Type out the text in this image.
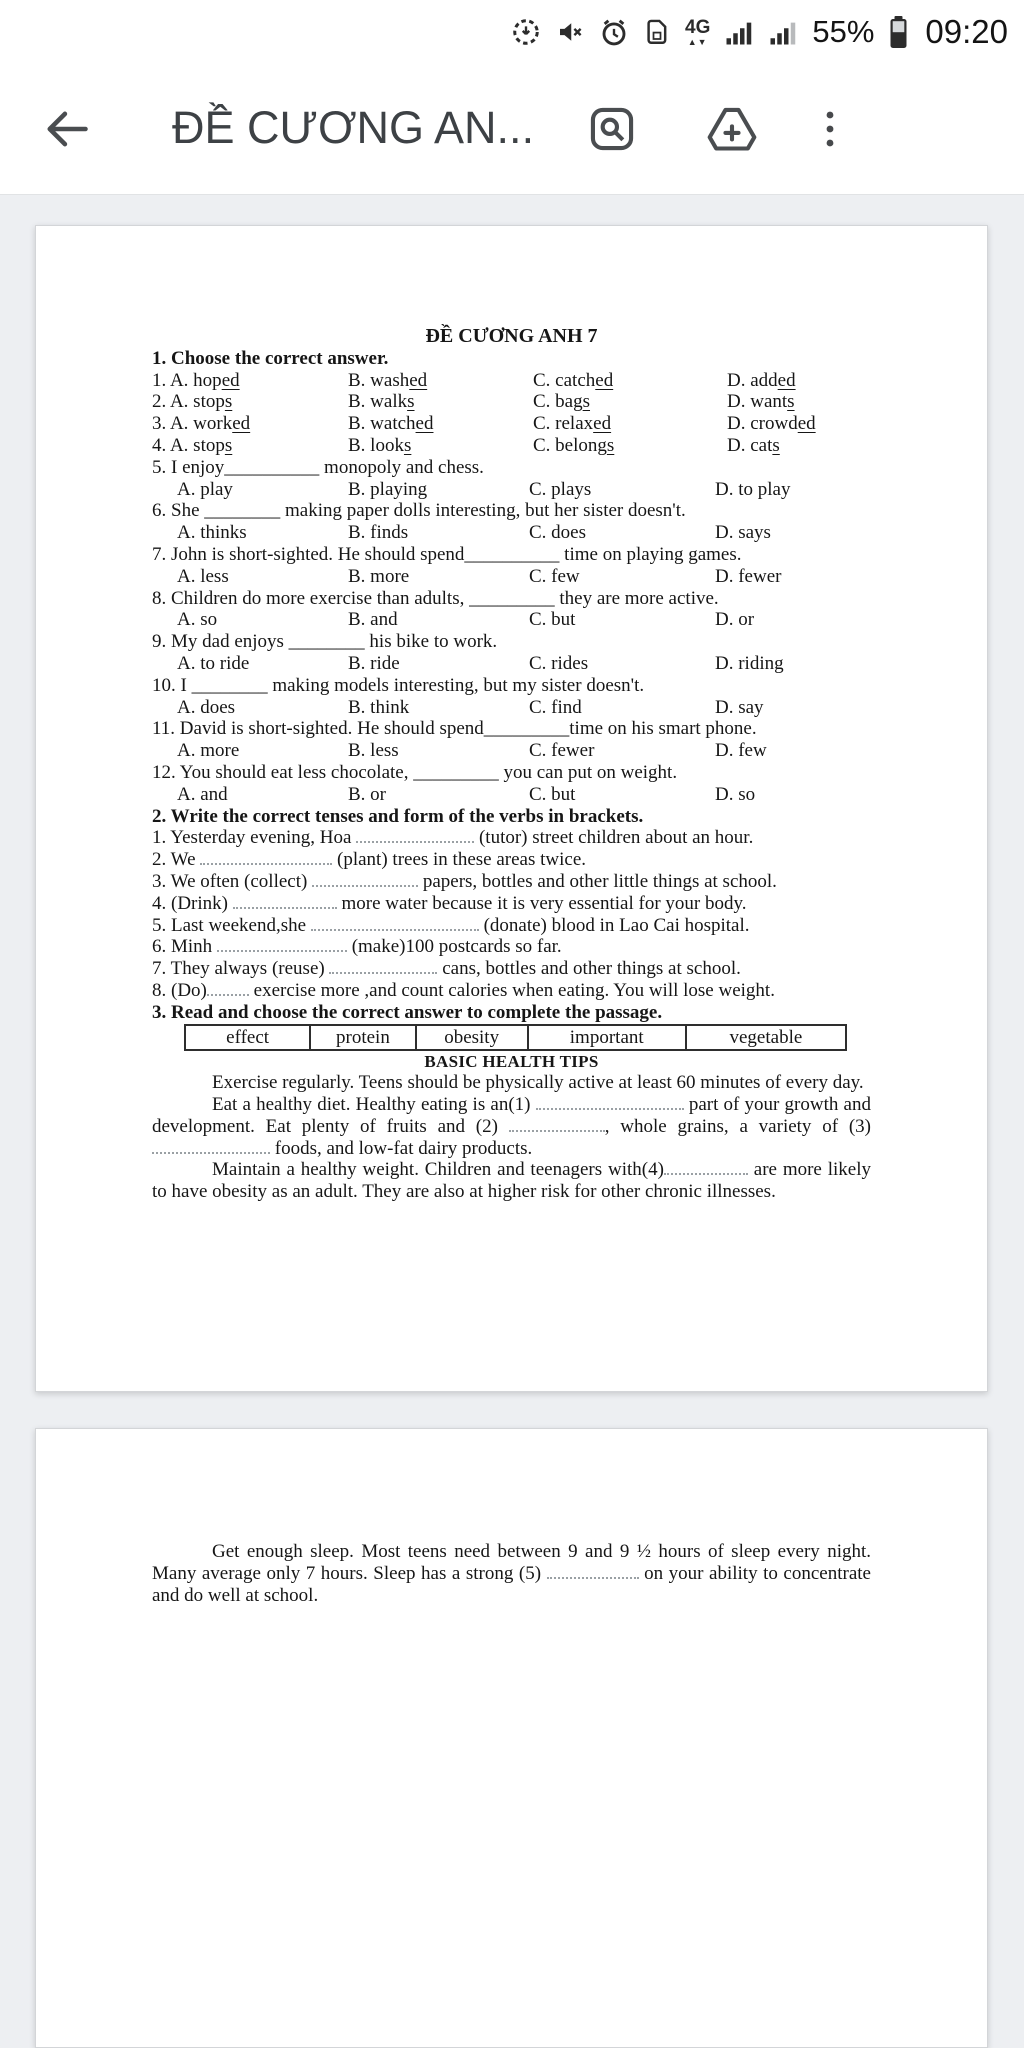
4G
▲▼	55% 09:20
ĐỀ CƯƠNG AN...
ĐỀ CƯƠNG ANH 7
1. Choose the correct answer.
1. A. hoped	B. washed	C. catched	D. added
2. A. stops	B. walks	C. bags	D. wants
3. A. worked	B. watched	C. relaxed	D. crowded
4. A. stops	B. looks	C. belongs	D. cats
5. I enjoy__________ monopoly and chess.
A. play	B. playing	C. plays	D. to play
6. She ________ making paper dolls interesting, but her sister doesn't.
A. thinks	B. finds	C. does	D. says
7. John is short-sighted. He should spend__________ time on playing games.
A. less	B. more	C. few	D. fewer
8. Children do more exercise than adults, _________ they are more active.
A. so	B. and	C. but	D. or
9. My dad enjoys ________ his bike to work.
A. to ride	B. ride	C. rides	D. riding
10. I ________ making models interesting, but my sister doesn't.
A. does	B. think	C. find	D. say
11. David is short-sighted. He should spend_________time on his smart phone.
A. more	B. less	C. fewer	D. few
12. You should eat less chocolate, _________ you can put on weight.
A. and	B. or	C. but	D. so
2. Write the correct tenses and form of the verbs in brackets.
1. Yesterday evening, Hoa	(tutor) street children about an hour.
2. We	(plant) trees in these areas twice.
3. We often (collect)	papers, bottles and other little things at school.
4. (Drink)	more water because it is very essential for your body.
5. Last weekend,she	(donate) blood in Lao Cai hospital.
6. Minh	(make)100 postcards so far.
7. They always (reuse)	cans, bottles and other things at school.
8. (Do) exercise more ,and count calories when eating. You will lose weight.
3. Read and choose the correct answer to complete the passage.
effect	protein	obesity	important	vegetable
BASIC HEALTH TIPS
Exercise regularly. Teens should be physically active at least 60 minutes of every day.
Eat a healthy diet. Healthy eating is an(1)	part of your growth and development. Eat plenty of fruits and (2)	, whole grains, a variety of (3)  foods, and low-fat dairy products.
Maintain a healthy weight. Children and teenagers with(4)	are more likely to have obesity as an adult. They are also at higher risk for other chronic illnesses.
Get enough sleep. Most teens need between 9 and 9 ½ hours of sleep every night. Many average only 7 hours. Sleep has a strong (5)	on your ability to concentrate and do well at school.
